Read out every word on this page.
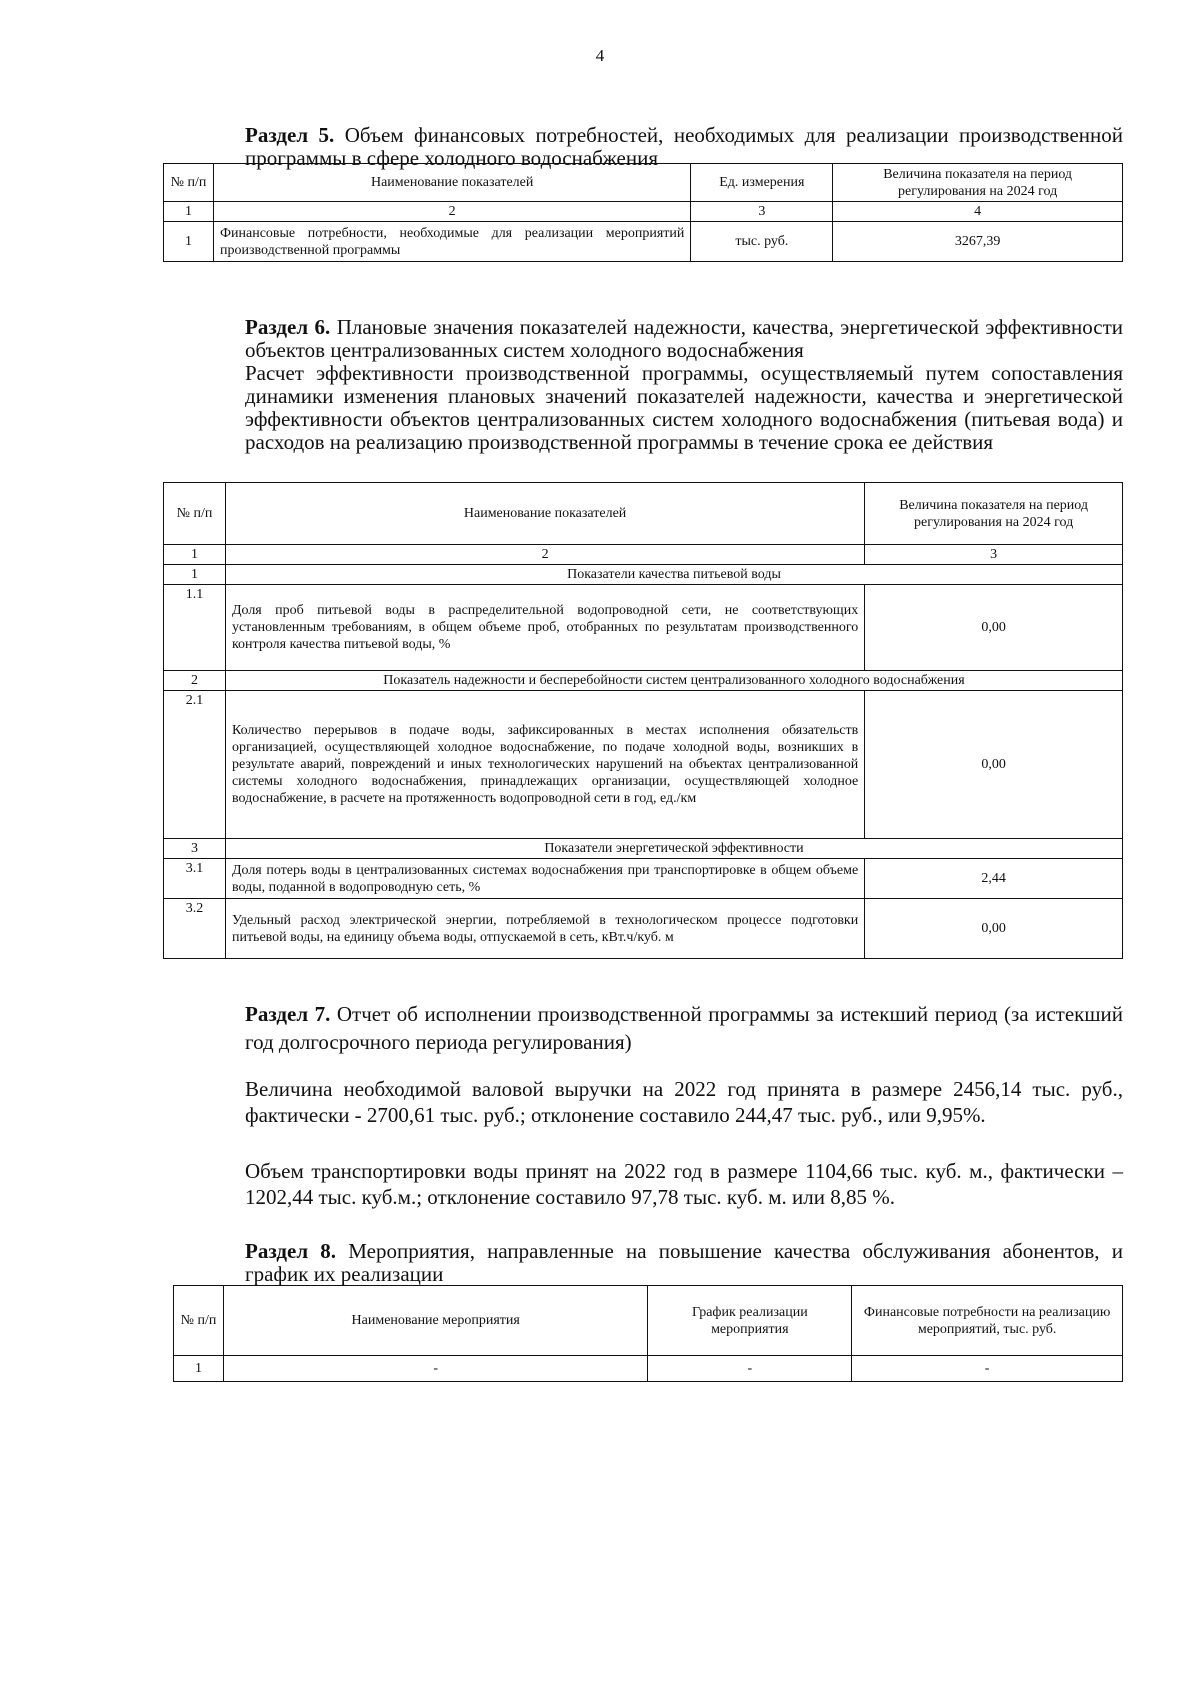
4
Раздел 5. Объем финансовых потребностей, необходимых для реализации производственной программы в сфере холодного водоснабжения
№ п/п	Наименование показателей	Ед. измерения	Величина показателя на период регулирования на 2024 год
1	2	3	4
1	Финансовые потребности, необходимые для реализации мероприятий производственной программы	тыс. руб.	3267,39
Раздел 6. Плановые значения показателей надежности, качества, энергетической эффективности объектов централизованных систем холодного водоснабжения
Расчет эффективности производственной программы, осуществляемый путем сопоставления динамики изменения плановых значений показателей надежности, качества и энергетической эффективности объектов централизованных систем холодного водоснабжения (питьевая вода) и расходов на реализацию производственной программы в течение срока ее действия
№ п/п	Наименование показателей	Величина показателя на период регулирования на 2024 год
1	2	3
1	Показатели качества питьевой воды	
1.1	Доля проб питьевой воды в распределительной водопроводной сети, не соответствующих установленным требованиям, в общем объеме проб, отобранных по результатам производственного контроля качества питьевой воды, %	0,00
2	Показатель надежности и бесперебойности систем централизованного холодного водоснабжения	
2.1	Количество перерывов в подаче воды, зафиксированных в местах исполнения обязательств организацией, осуществляющей холодное водоснабжение, по подаче холодной воды, возникших в результате аварий, повреждений и иных технологических нарушений на объектах централизованной системы холодного водоснабжения, принадлежащих организации, осуществляющей холодное водоснабжение, в расчете на протяженность водопроводной сети в год, ед./км	0,00
3	Показатели энергетической эффективности	
3.1	Доля потерь воды в централизованных системах водоснабжения при транспортировке в общем объеме воды, поданной в водопроводную сеть, %	2,44
3.2	Удельный расход электрической энергии, потребляемой в технологическом процессе подготовки питьевой воды, на единицу объема воды, отпускаемой в сеть, кВт.ч/куб. м	0,00
Раздел 7. Отчет об исполнении производственной программы за истекший период (за истекший год долгосрочного периода регулирования)
Величина необходимой валовой выручки на 2022 год принята в размере 2456,14 тыс. руб., фактически - 2700,61 тыс. руб.; отклонение составило 244,47 тыс. руб., или 9,95%.
Объем транспортировки воды принят на 2022 год в размере 1104,66 тыс. куб. м., фактически – 1202,44 тыс. куб.м.; отклонение составило 97,78 тыс. куб. м. или 8,85 %.
Раздел 8. Мероприятия, направленные на повышение качества обслуживания абонентов, и график их реализации
№ п/п	Наименование мероприятия	График реализации мероприятия	Финансовые потребности на реализацию мероприятий, тыс. руб.
1	-	-	-
